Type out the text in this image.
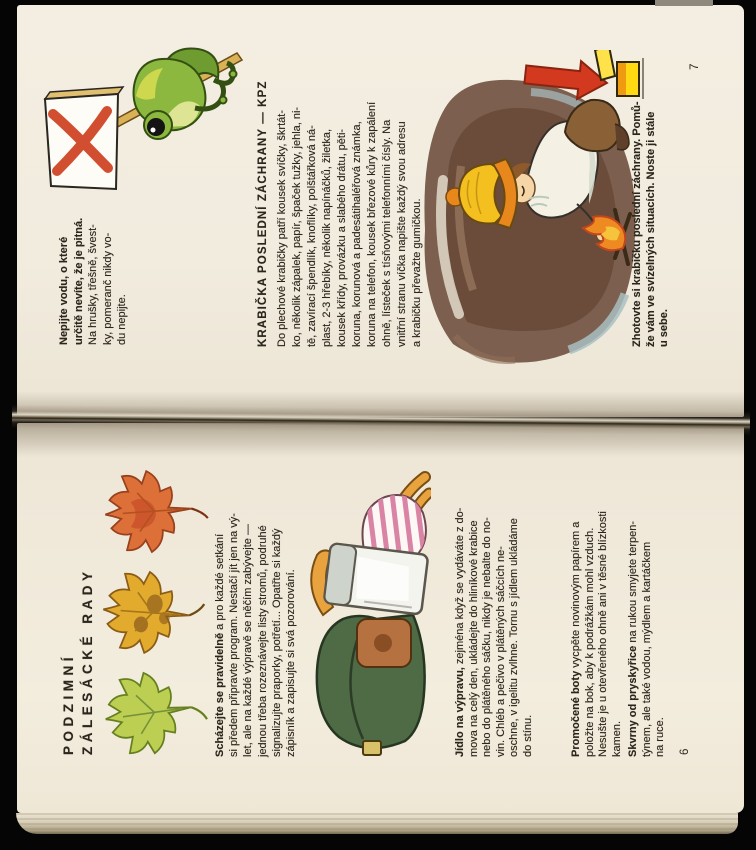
Nepijte vodu, o které určitě nevíte, že je pitná. Na hrušky, třešně, švest- ky, pomeranč nikdy vo- du nepijte.	KRABIČKA POSLEDNÍ ZÁCHRANY — KPZ Do plechové krabičky patří kousek svíčky, škrtát- ko, několik zápalek, papír, špaček tužky, jehla, ni- tě, zavírací špendlík, knoflíky, polštářková ná- plast, 2-3 hřebíky, několik napínáčků, žiletka, kousek křídy, provázku a slabého drátu, pěti- koruna, korunová a padesátihaléřová známka, koruna na telefon, kousek březové kůry k zapálení ohně, lísteček s tísňovými telefonními čísly. Na vnitřní stranu víčka napište každý svou adresu a krabičku převažte gumičkou.	Zhotovte si krabičku poslední záchrany. Pomů- že vám ve svízelných situacích. Noste ji stále u sebe.
7
PODZIMNÍ ZÁLESÁCKÉ RADY	Scházejte se pravidelně a pro každé setkání si předem připravte program. Nestačí jít jen na vý- let, ale na každé výpravě se něčím zabývejte — jednou třeba rozeznávejte listy stromů, podruhé signalizujte praporky, potřetí... Opatřte si každý zápisník a zapisujte si svá pozorování.	Jídlo na výpravu, zejména když se vydáváte z do- mova na celý den, ukládejte do hliníkové krabice nebo do plátěného sáčku, nikdy je nebalte do no- vin. Chléb a pečivo v plátěných sáčcích ne- oschne, v igelitu zvlhne. Tornu s jídlem ukládáme do stínu.	Promočené boty vycpěte novinovým papírem a položte na bok, aby k podrážkám mohl vzduch. Nesušte je u otevřeného ohně ani v těsné blízkosti kamen. Skvrny od pryskyřice na rukou smyjete terpen- týnem, ale také vodou, mýdlem a kartáčkem na ruce. 6
